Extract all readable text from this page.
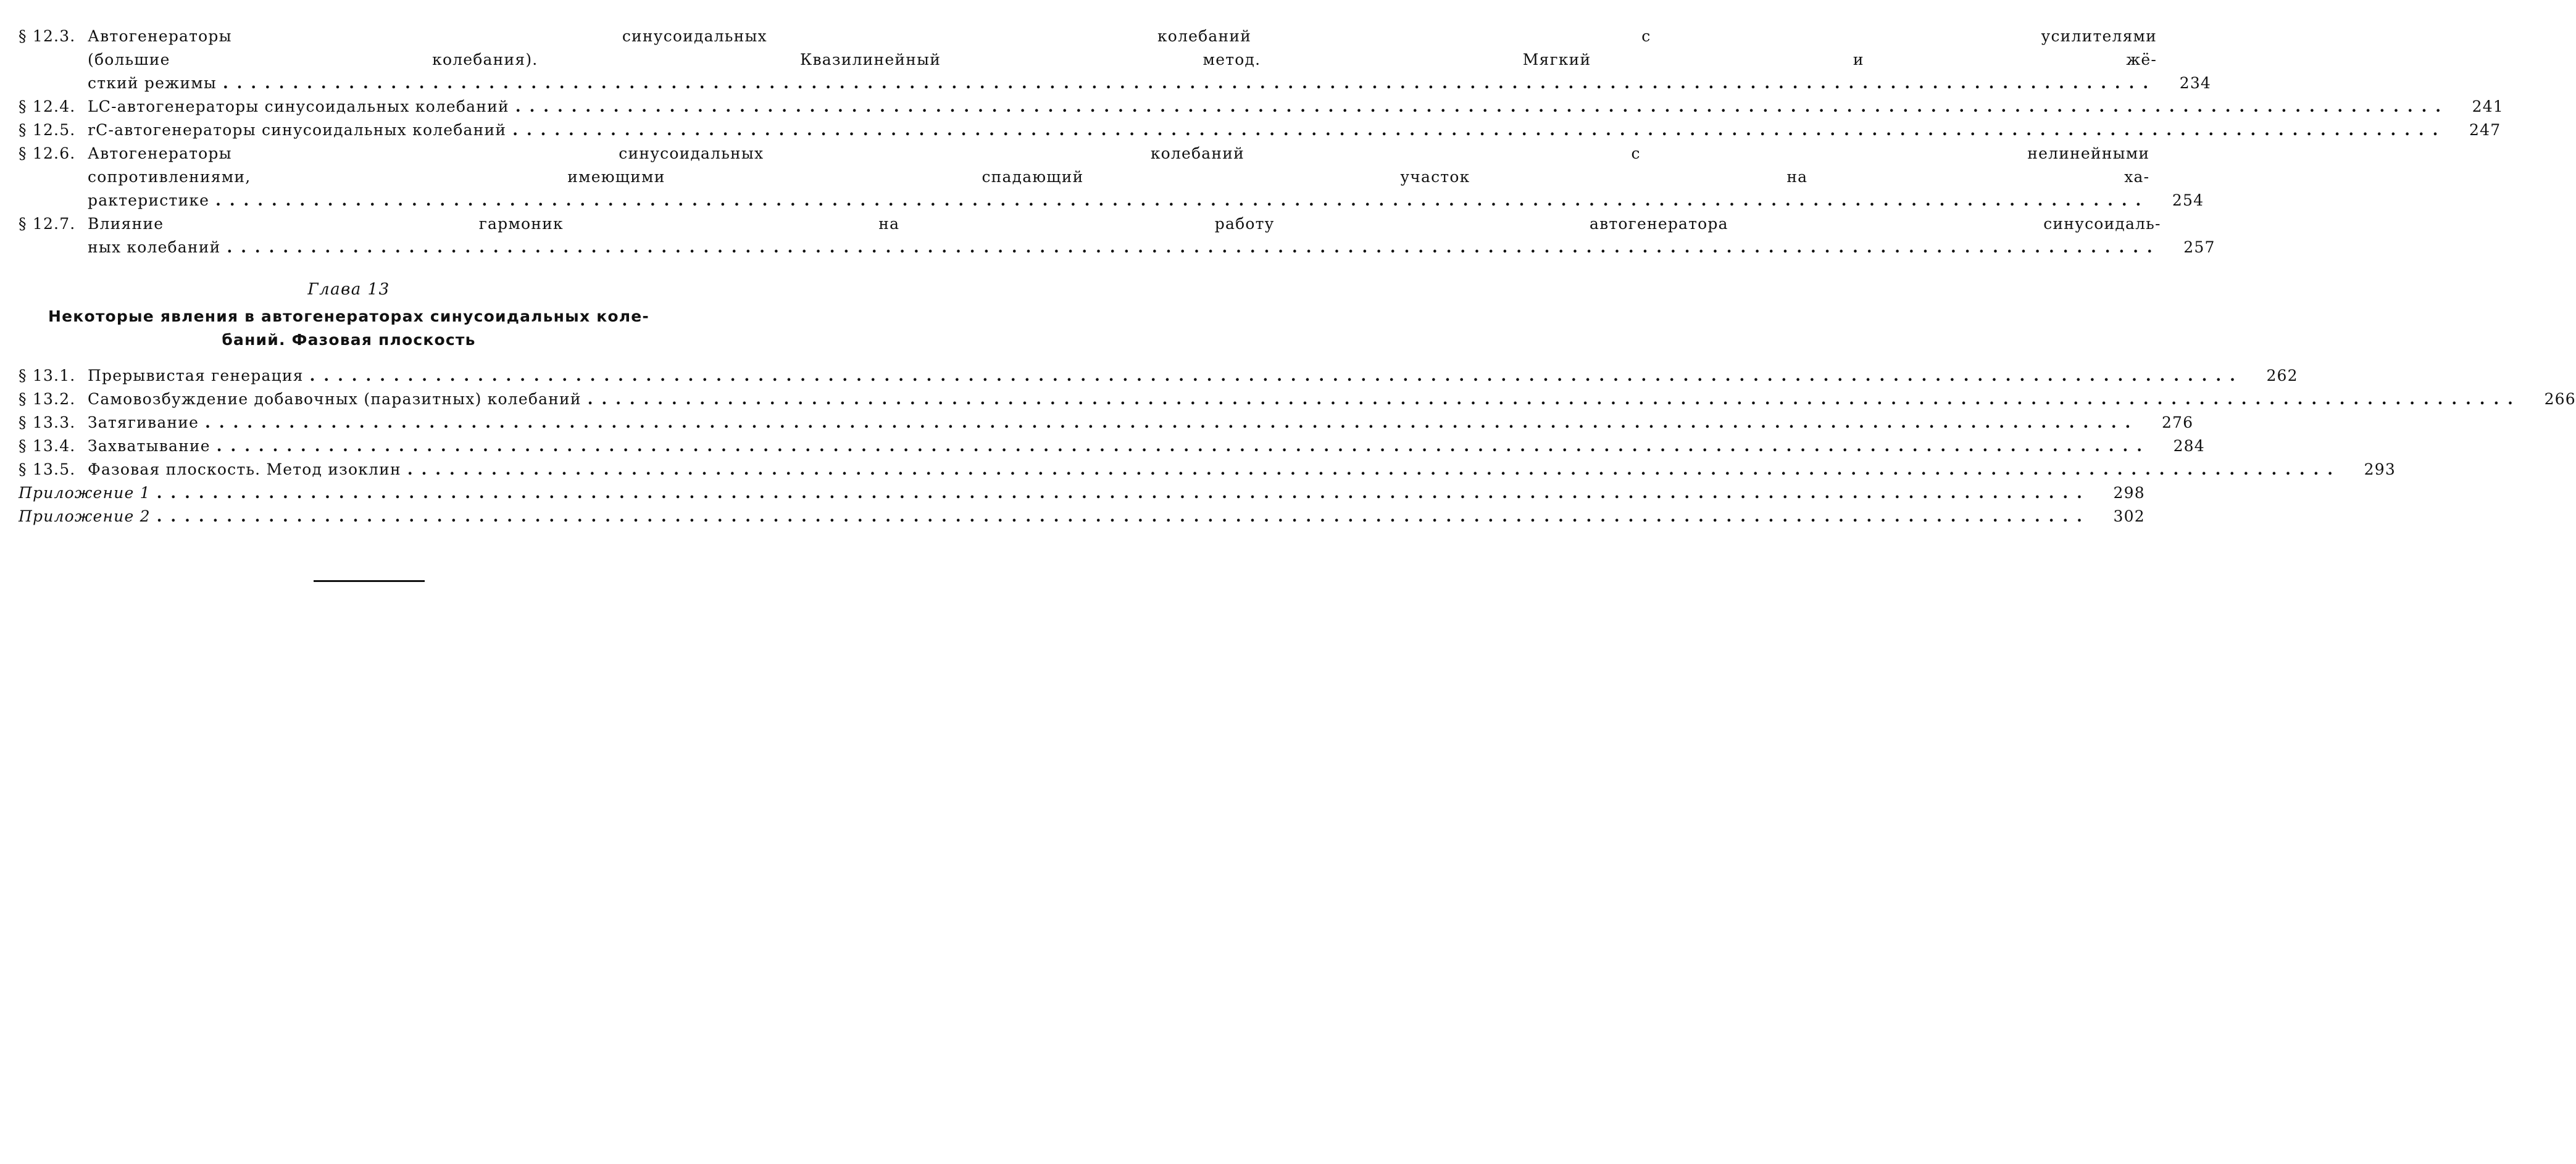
§ 12.3. Автогенераторы синусоидальных колебаний с усилителями
(большие колебания). Квазилинейный метод. Мягкий и жё-
сткий режимы
.....	234
§ 12.4. LC-автогенераторы синусоидальных колебаний
.....	241
§ 12.5. rC-автогенераторы синусоидальных колебаний
.....	247
§ 12.6. Автогенераторы синусоидальных колебаний с нелинейными
сопротивлениями, имеющими спадающий участок на ха-
рактеристике
.....	254
§ 12.7. Влияние гармоник на работу автогенератора синусоидаль-
ных колебаний
.....	257
Глава 13
Некоторые явления в автогенераторах синусоидальных коле-
баний. Фазовая плоскость
§ 13.1. Прерывистая генерация
.....	262
§ 13.2. Самовозбуждение добавочных (паразитных) колебаний
.....	266
§ 13.3. Затягивание
.....	276
§ 13.4. Захватывание
.....	284
§ 13.5. Фазовая плоскость. Метод изоклин
.....	293
Приложение 1
.....	298
Приложение 2
.....	302
